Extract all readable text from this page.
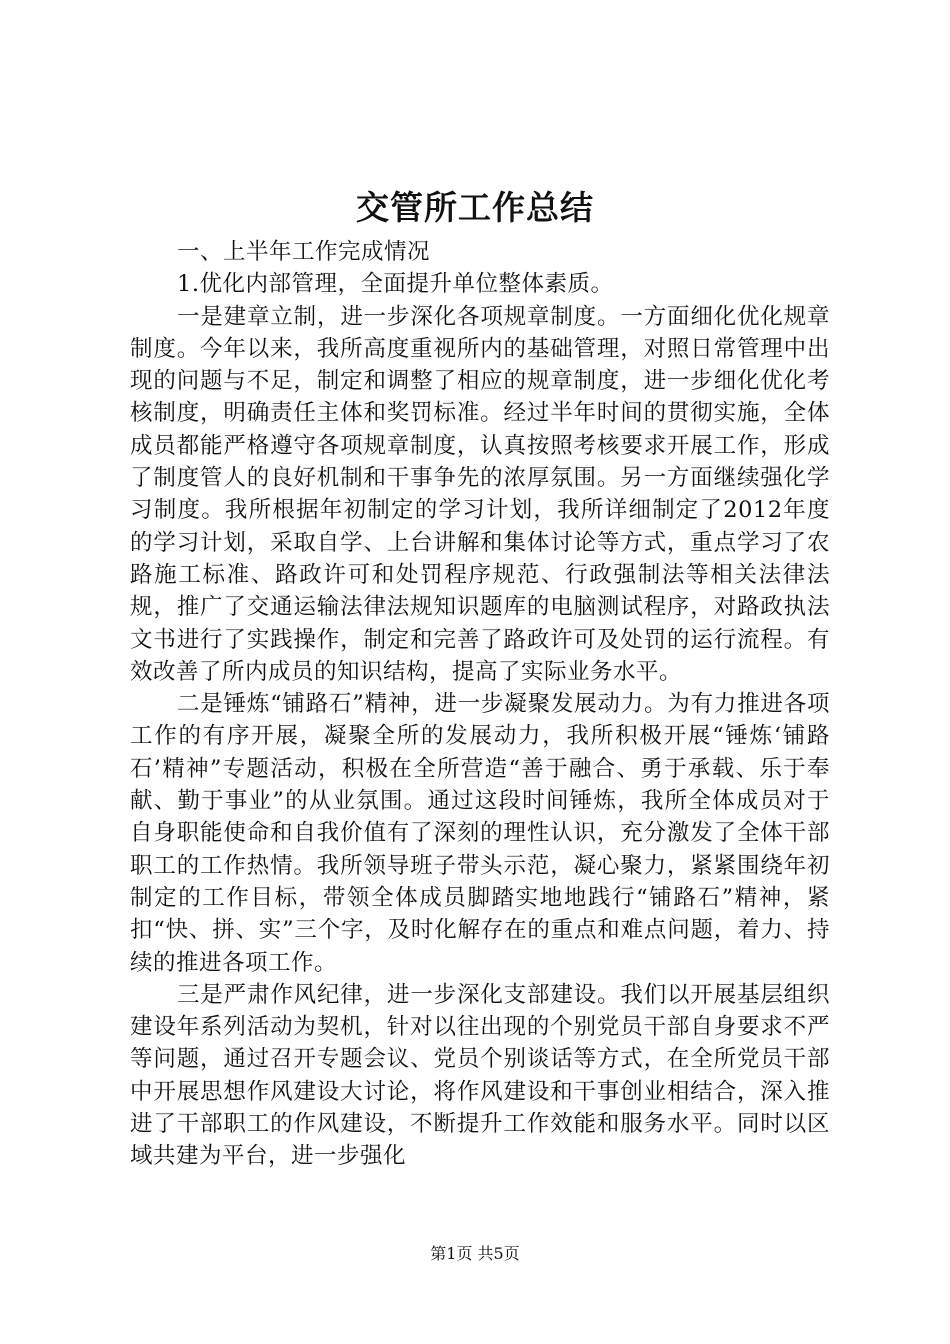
交管所工作总结

一、上半年工作完成情况

1.优化内部管理，全面提升单位整体素质。

一是建章立制，进一步深化各项规章制度。一方面细化优化规章制度。今年以来，我所高度重视所内的基础管理，对照日常管理中出现的问题与不足，制定和调整了相应的规章制度，进一步细化优化考核制度，明确责任主体和奖罚标准。经过半年时间的贯彻实施，全体成员都能严格遵守各项规章制度，认真按照考核要求开展工作，形成了制度管人的良好机制和干事争先的浓厚氛围。另一方面继续强化学习制度。我所根据年初制定的学习计划，我所详细制定了2012年度的学习计划，采取自学、上台讲解和集体讨论等方式，重点学习了农路施工标准、路政许可和处罚程序规范、行政强制法等相关法律法规，推广了交通运输法律法规知识题库的电脑测试程序，对路政执法文书进行了实践操作，制定和完善了路政许可及处罚的运行流程。有效改善了所内成员的知识结构，提高了实际业务水平。

二是锤炼“铺路石”精神，进一步凝聚发展动力。为有力推进各项工作的有序开展，凝聚全所的发展动力，我所积极开展“锤炼‘铺路石’精神”专题活动，积极在全所营造“善于融合、勇于承载、乐于奉献、勤于事业”的从业氛围。通过这段时间锤炼，我所全体成员对于自身职能使命和自我价值有了深刻的理性认识，充分激发了全体干部职工的工作热情。我所领导班子带头示范，凝心聚力，紧紧围绕年初制定的工作目标，带领全体成员脚踏实地地践行“铺路石”精神，紧扣“快、拼、实”三个字，及时化解存在的重点和难点问题，着力、持续的推进各项工作。

三是严肃作风纪律，进一步深化支部建设。我们以开展基层组织建设年系列活动为契机，针对以往出现的个别党员干部自身要求不严等问题，通过召开专题会议、党员个别谈话等方式，在全所党员干部中开展思想作风建设大讨论，将作风建设和干事创业相结合，深入推进了干部职工的作风建设，不断提升工作效能和服务水平。同时以区域共建为平台，进一步强化

第1页 共5页
